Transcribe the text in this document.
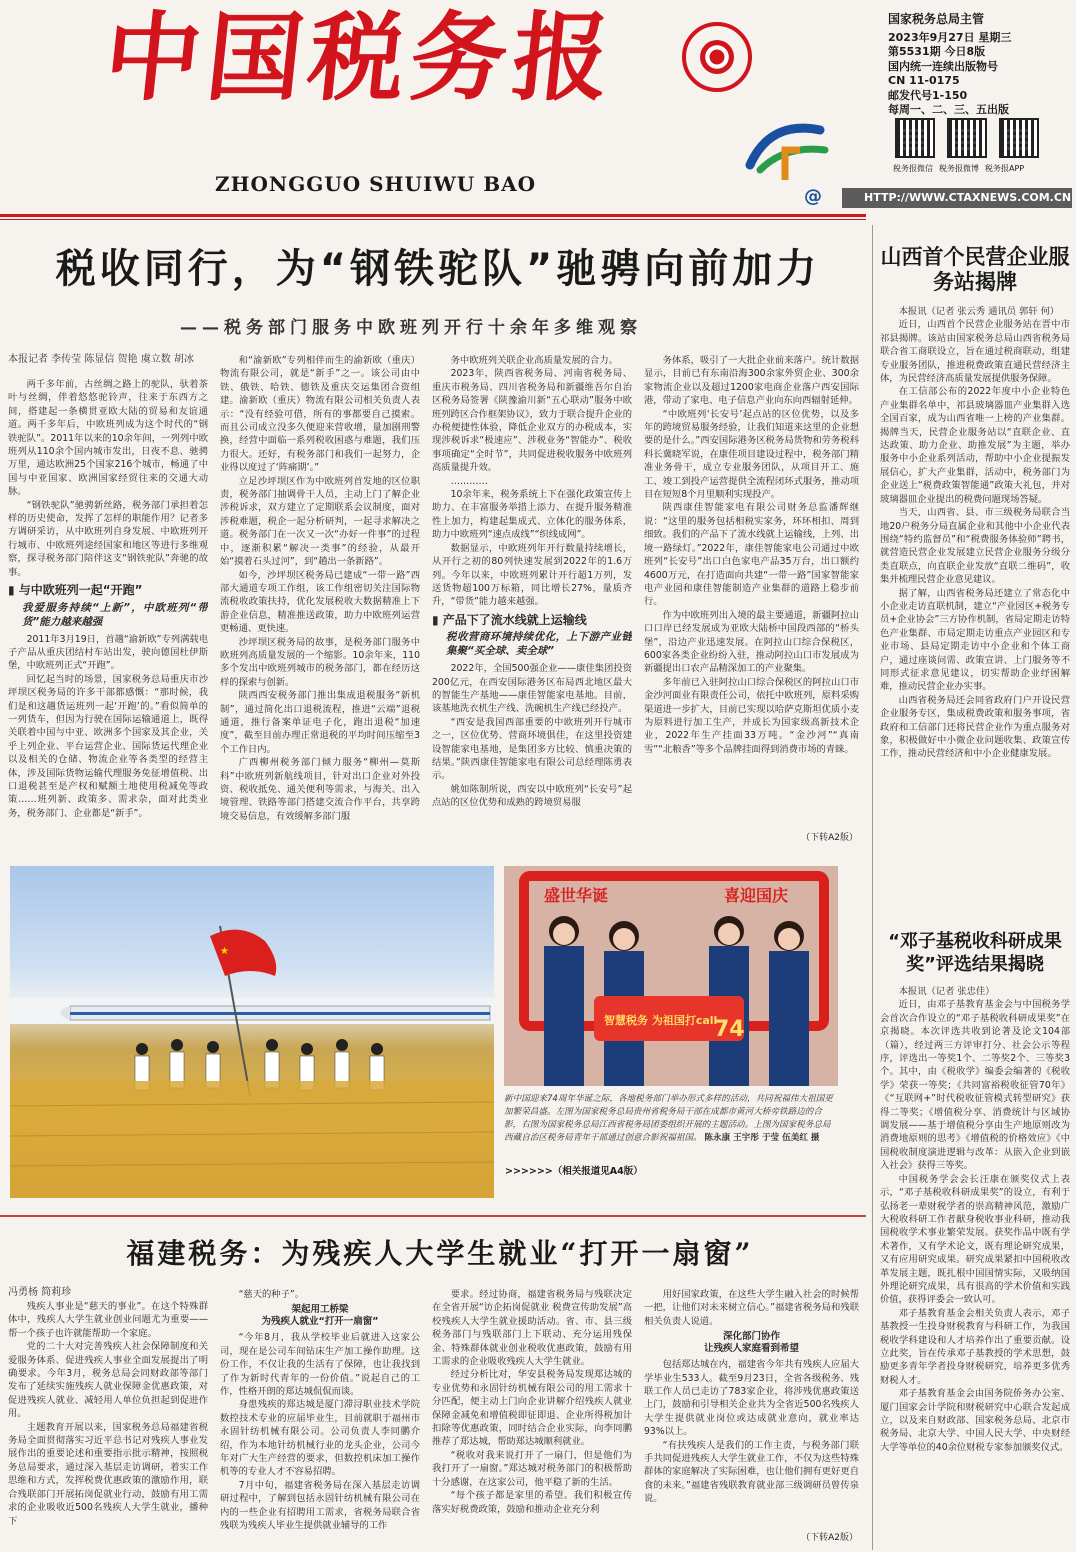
中国税务报
ZHONGGUO SHUIWU BAO
国家税务总局主管
2023年9月27日 星期三
第5531期 今日8版
国内统一连续出版物号
CN 11-0175
邮发代号1-150
每周一、二、三、五出版
税务报微信 税务报微博 税务报APP
@	HTTP://WWW.CTAXNEWS.COM.CN
税收同行，为“钢铁驼队”驰骋向前加力
——税务部门服务中欧班列开行十余年多维观察
本报记者 李传莹 陈显信 贺艳 虞立数 胡冰

两千多年前，古丝绸之路上的驼队，驮着茶叶与丝绸，伴着悠悠驼铃声，往来于东西方之间，搭建起一条横贯亚欧大陆的贸易和友谊通道。两千多年后，中欧班列成为这个时代的“钢铁驼队”。2011年以来的10余年间，一列列中欧班列从110余个国内城市发出，日夜不息、驰骋万里，通达欧洲25个国家216个城市，畅通了中国与中亚国家、欧洲国家经贸往来的交通大动脉。

“钢铁驼队”驰骋新丝路，税务部门承担着怎样的历史使命，发挥了怎样的职能作用？记者多方调研采访，从中欧班列自身发展、中欧班列开行城市、中欧班列途经国家和地区等进行多维观察，探寻税务部门陪伴这支“钢铁驼队”奔驰的故事。

▮ 与中欧班列一起“开跑”

我爱服务持续“上新”，中欧班列“带货”能力越来越强

2011年3月19日，首趟“渝新欧”专列满载电子产品从重庆团结村车站出发，驶向德国杜伊斯堡，中欧班列正式“开跑”。

回忆起当时的场景，国家税务总局重庆市沙坪坝区税务局的许多干部都感慨：“那时候，我们是和这趟货运班列一起‘开跑’的。”看似简单的一列货车，但因为行驶在国际运输通道上，既得关联着中国与中亚、欧洲多个国家及其企业，关乎上列企业、平台运营企业、国际货运代理企业以及相关的仓储、物流企业等各类型的经营主体，涉及国际货物运输代理服务免征增值税、出口退税甚至是产权和赋额土地使用税减免等政策……班列新、政策多、需求杂，面对此类业务，税务部门、企业都是“新手”。

和“渝新欧”专列相伴而生的渝新欧（重庆）物流有限公司，就是“新手”之一。该公司由中铁、俄铁、哈铁、德铁及重庆交运集团合资组建。渝新欧（重庆）物流有限公司相关负责人表示：“没有经验可借，所有的事都要自己摸索。而且公司成立没多久便迎来营收增，量加剧刑警换，经营中面临一系列税收困惑与难题，我们压力很大。还好，有税务部门和我们一起努力，企业得以度过了‘阵痛期’。”

立足沙坪坝区作为中欧班列首发地的区位职责，税务部门抽调骨干人员，主动上门了解企业涉税诉求，双方建立了定期联系会议制度，面对涉税难题，税企一起分析研判，一起寻求解决之道。税务部门在一次又一次“办好一件事”的过程中，逐渐积累“解决一类事”的经验，从最开始“摸着石头过河”，到“趟出一条新路”。

如今，沙坪坝区税务局已建成“一带一路”西部大通道专项工作组，该工作组密切关注国际物流税收政策扶持，优化发展税收大数据精准上下游企业信息，精准推送政策，助力中欧班列运营更畅通、更快速。

沙坪坝区税务局的故事，是税务部门服务中欧班列高质量发展的一个缩影。10余年来，110多个发出中欧班列城市的税务部门，都在经历这样的探索与创新。

陕西西安税务部门推出集成退税服务“新机制”，通过简化出口退税流程，推进“云端”退税通道，推行备案单证电子化，跑出退税“加速度”，截至目前办理正常退税的平均时间压缩至3个工作日内。

广西柳州税务部门倾力服务“柳州—莫斯科”中欧班列新航线项目，针对出口企业对外投资、税收抵免、通关便利等需求，与海关、出入境管理、铁路等部门搭建交流合作平台，共享跨境交易信息，有效缓解多部门服

务中欧班列关联企业高质量发展的合力。

2023年，陕西省税务局、河南省税务局、重庆市税务局、四川省税务局和新疆维吾尔自治区税务局签署《陕豫渝川新“五心联动”服务中欧班列跨区合作框架协议》，致力于联合提升企业的办税便捷性体验，降低企业双方的办税成本，实现涉税诉求“极速应”、涉税业务“智能办”、税收事项确定“全时节”，共同促进税收服务中欧班列高质量提升效。

…………

10余年来，税务系统上下在强化政策宣传上助力、在丰富服务举措上添力、在提升服务精准性上加力，构建起集成式、立体化的服务体系，助力中欧班列“速点成线”“织线成网”。

数据显示，中欧班列年开行数量持续增长，从开行之初的80列快速发展到2022年的1.6万列。今年以来，中欧班列累计开行超1万列，发送货物超100万标箱，同比增长27%，量质齐升，“带货”能力越来越强。

▮ 产品下了流水线就上运输线

税收营商环境持续优化，上下游产业链集聚“买全球、卖全球”

2022年，全国500强企业——康佳集团投资200亿元，在西安国际港务区布局西北地区最大的智能生产基地——康佳智能家电基地。目前，该基地洗衣机生产线、洗碗机生产线已经投产。

“西安是我国西部重要的中欧班列开行城市之一，区位优势、营商环境俱佳，在这里投资建设智能家电基地，是集团多方比较、慎重决策的结果。”陕西康佳智能家电有限公司总经理陈勇表示。

姚如陈制所说，西安以中欧班列“长安号”起点站的区位优势和成熟的跨境贸易服

务体系，吸引了一大批企业前来落户。统计数据显示，目前已有东南沿海300余家外贸企业、300余家物流企业以及超过1200家电商企业落户西安国际港，带动了家电、电子信息产业向东向西辐射延伸。

“中欧班列‘长安号’起点站的区位优势，以及多年的跨境贸易服务经验，让我们知道来这里的企业想要的是什么。”西安国际港务区税务局货物和劳务税科科长冀晓军说，在康佳项目建设过程中，税务部门精准业务骨干，成立专业服务团队，从项目开工、施工、竣工到投产运营提供全流程闭环式服务，推动项目在短短8个月里顺利实现投产。

陕西康佳智能家电有限公司财务总监潘辉继说：“这里的服务包括相税实家务，环环相扣、周到细致。我们的产品下了流水线就上运输线，上列、出境一路绿灯。”2022年，康佳智能家电公司通过中欧班列“长安号”出口白色家电产品35万台，出口额约4600万元，在打造面向共建“一带一路”国家智能家电产业园和康佳智能制造产业集群的道路上稳步前行。

作为中欧班列出入境的最主要通道，新疆阿拉山口口岸已经发展成为亚欧大陆桥中国段西部的“桥头堡”，沿边产业迅速发展。在阿拉山口综合保税区，600家各类企业纷纷入驻，推动阿拉山口市发展成为新疆提出口农产品精深加工的产业聚集。

多年前已入驻阿拉山口综合保税区的阿拉山口市金沙河面业有限责任公司，依托中欧班列，原料采购渠道进一步扩大，目前已实现以哈萨克斯坦优质小麦为原料进行加工生产，并成长为国家级高新技术企业，2022年生产挂面33万吨。“金沙河”“真南雪”“北粮香”等多个品牌挂面得到消费市场的青睐。

（下转A2版）
山西首个民营企业服务站揭牌

本报讯（记者 张云秀 通讯员 郭轩 何）

近日，山西首个民营企业服务站在晋中市祁县揭牌。该站由国家税务总局山西省税务局联合省工商联设立，旨在通过税商联动，组建专业服务团队，推进税费政策直通民营经济主体，为民营经济高质量发展提供服务保障。

在工信部公布的2022年度中小企业特色产业集群名单中，祁县玻璃器皿产业集群入选全国百家，成为山西省唯一上榜的产业集群。揭牌当天，民营企业服务站以“直联企业、直达政策、助力企业、助推发展”为主题，举办服务中小企业系列活动，帮助中小企业提振发展信心，扩大产业集群，活动中，税务部门为企业送上“税费政策智能通”政策大礼包，并对玻璃器皿企业提出的税费问题现场答疑。

当天，山西省、县、市三级税务局联合当地20户税务分局直属企业和其他中小企业代表围绕“特约监督员”和“税费服务体验师”聘书，就营造民营企业发展建立民营企业服务分级分类直联点，向直联企业发放“直联二维码”，收集并梳理民营企业意见建议。

据了解，山西省税务局还建立了常态化中小企业走访直联机制，建立“产业园区+税务专员+企业协会”三方协作机制，省局定期走访特色产业集群、市局定期走访重点产业园区和专业市场、县局定期走访中小企业和个体工商户，通过座谈问需、政策宣讲、上门服务等不同形式征求意见建议，切实帮助企业纾困解难，推动民营企业办实事。

山西省税务局还会同省政府门户开设民营企业服务专区，集成税费政策和服务事项，省政府和工信部门还将民营企业作为重点服务对象，积极做好中小微企业问题收集、政策宣传工作，推动民营经济和中小企业健康发展。

“邓子基税收科研成果奖”评选结果揭晓

本报讯（记者 张忠佳）

近日，由邓子基教育基金会与中国税务学会首次合作设立的“邓子基税收科研成果奖”在京揭晓。本次评选共收到论著及论文104部（篇），经过两三方评审打分、社会公示等程序，评选出一等奖1个、二等奖2个、三等奖3个。其中，由《税收学》编委会编著的《税收学》荣获一等奖；《共同富裕税收征管70年》《“互联网+”时代税收征管模式转型研究》获得二等奖；《增值税分享、消费统计与区域协调发展——基于增值税分享由生产地原则改为消费地原则的思考》《增值税的价格效应》《中国税收制度演进逻辑与改革：从嵌入企业到嵌入社会》获得三等奖。

中国税务学会会长汪康在颁奖仪式上表示，“邓子基税收科研成果奖”的设立，有利于弘扬老一辈财税学者的崇高精神风范，激励广大税收科研工作者献身税收事业科研，推动我国税收学术事业繁荣发展。获奖作品中既有学术著作，又有学术论文，既有理论研究成果，又有应用研究成果。研究成果紧扣中国税收改革发展主题，既扎根中国国情实际，又吸纳国外理论研究成果，具有很高的学术价值和实践价值，获得评委会一致认可。

邓子基教育基金会相关负责人表示，邓子基教授一生投身财税教育与科研工作，为我国税收学科建设和人才培养作出了重要贡献。设立此奖，旨在传承邓子基教授的学术思想，鼓励更多青年学者投身财税研究，培养更多优秀财税人才。

邓子基教育基金会由国务院侨务办公室、厦门国家会计学院和财税研究中心联合发起成立，以及来自财政部、国家税务总局、北京市税务局、北京大学、中国人民大学、中央财经大学等单位的40余位财税专家参加颁奖仪式。

★
盛世华诞	喜迎国庆
智慧税务 为祖国打call
74
新中国迎来74周年华诞之际，各地税务部门举办形式多样的活动，共同祝福伟大祖国更加繁荣昌盛。左图为国家税务总局贵州省税务局干部在成都市黄河大桥旁铁路边的合影，右图为国家税务总局江西省税务局团委组织开展的主题活动。上图为国家税务总局西藏自治区税务局青年干部通过创意合影祝福祖国。 陈永康 王宇彤 于莹 伍美红 摄
>>>>>>（相关报道见A4版）
福建税务：为残疾人大学生就业“打开一扇窗”
冯勇杨 简莉珍

残疾人事业是“慈天的事业”。在这个特殊群体中，残疾人大学生就业创业问题尤为重要——帮一个孩子也许就能帮助一个家庭。

党的二十大对完善残疾人社会保障制度和关爱服务体系、促进残疾人事业全面发展提出了明确要求。今年3月，税务总局会同财政部等部门发布了延续实施残疾人就业保障金优惠政策，对促进残疾人就业、减轻用人单位负担起到促进作用。

主题教育开展以来，国家税务总局福建省税务局全面贯彻落实习近平总书记对残疾人事业发展作出的重要论述和重要指示批示精神，按照税务总局要求，通过深入基层走访调研，着实工作思维和方式，发挥税费优惠政策的激励作用，联合残联部门开展拓岗促就业行动，鼓励有用工需求的企业吸收近500名残疾人大学生就业，播种下

“慈天的种子”。

架起用工桥梁
为残疾人就业“打开一扇窗”

“今年8月，我从学校毕业后就进入这家公司，现在是公司车间钻床生产加工操作助理。这份工作，不仅让我的生活有了保障，也让我找到了作为新时代青年的一份价值。”说起自己的工作，性格开朗的郑达城侃侃而谈。

身患残疾的郑达城是厦门滞浔职业技术学院数控技术专业的应届毕业生，目前就职于福州市永固针纺机械有限公司。公司负责人李同鹏介绍，作为本地针纺机械行业的龙头企业，公司今年对广大生产经营的要求，但数控机床加工操作机等的专业人才不容易招聘。

7月中旬，福建省税务局在深入基层走访调研过程中，了解到包括永固针纺机械有限公司在内的一些企业有招聘用工需求，省税务局联合省残联为残疾人毕业生提供就业辅导的工作

要求。经过协商，福建省税务局与残联决定在全省开展“访企拓岗促就业 税费宣传助发展”高校残疾人大学生就业援助活动。省、市、县三级税务部门与残联部门上下联动、充分运用残保金、特殊群体就业创业税收优惠政策，鼓励有用工需求的企业吸收残疾人大学生就业。

经过分析比对，华安县税务局发现郑达城的专业优势和永固针纺机械有限公司的用工需求十分匹配，便主动上门向企业讲解介绍残疾人就业保障金减免和增值税即征即退、企业所得税加计扣除等优惠政策，同时结合企业实际，向李同鹏推荐了郑达城，帮助郑达城顺利就业。

“税收对我来说打开了一扇门，但是他们为我打开了一扇窗。”郑达城对税务部门的积极帮助十分感谢，在这家公司，他平稳了新的生活。

“每个孩子都是家里的希望。我们积极宣传落实好税费政策，鼓励和推动企业充分利

用好国家政策，在这些大学生融入社会的时候帮一把，让他们对未来树立信心。”福建省税务局和残联相关负责人说道。

深化部门协作
让残疾人家庭看到希望

包括郑达城在内，福建省今年共有残疾人应届大学毕业生533人。截至9月23日，全省各级税务、残联工作人员已走访了783家企业，将涉残优惠政策送上门，鼓励和引导相关企业共为全省近500名残疾人大学生提供就业岗位或达成就业意向，就业率达93%以上。

“有扶残疾人是我们的工作主责，与税务部门联手共同促进残疾人大学生就业工作，不仅为这些特殊群体的家庭解决了实际困难，也让他们拥有更好更自食的未来。”福建省残联教育就业部三级调研员曾传泉说。

（下转A2版）
